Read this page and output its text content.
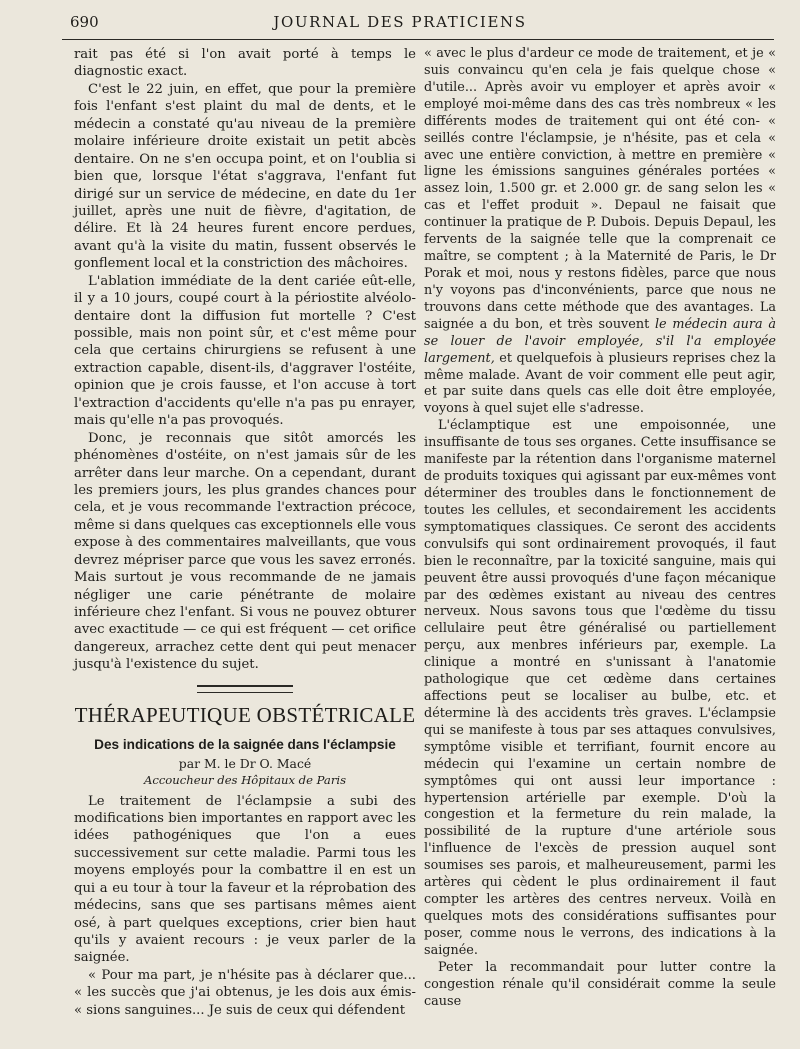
690	JOURNAL DES PRATICIENS

rait pas été si l'on avait porté à temps le diagnostic exact.

C'est le 22 juin, en effet, que pour la première fois l'enfant s'est plaint du mal de dents, et le médecin a constaté qu'au niveau de la première molaire inférieure droite existait un petit abcès dentaire. On ne s'en occupa point, et on l'oublia si bien que, lorsque l'état s'aggrava, l'enfant fut dirigé sur un service de médecine, en date du 1er juillet, après une nuit de fièvre, d'agitation, de délire. Et là 24 heures furent encore perdues, avant qu'à la visite du matin, fussent observés le gonflement local et la constriction des mâchoires.

L'ablation immédiate de la dent cariée eût-elle, il y a 10 jours, coupé court à la périostite alvéolo-dentaire dont la diffusion fut mortelle ? C'est possible, mais non point sûr, et c'est même pour cela que certains chirurgiens se refusent à une extraction capable, disent-ils, d'aggraver l'ostéite, opinion que je crois fausse, et l'on accuse à tort l'extraction d'accidents qu'elle n'a pas pu enrayer, mais qu'elle n'a pas provoqués.

Donc, je reconnais que sitôt amorcés les phénomènes d'ostéite, on n'est jamais sûr de les arrêter dans leur marche. On a cependant, durant les premiers jours, les plus grandes chances pour cela, et je vous recommande l'extraction précoce, même si dans quelques cas exceptionnels elle vous expose à des commentaires malveillants, que vous devrez mépriser parce que vous les savez erronés. Mais surtout je vous recommande de ne jamais négliger une carie pénétrante de molaire inférieure chez l'enfant. Si vous ne pouvez obturer avec exactitude — ce qui est fréquent — cet orifice dangereux, arrachez cette dent qui peut menacer jusqu'à l'existence du sujet.

THÉRAPEUTIQUE OBSTÉTRICALE
Des indications de la saignée dans l'éclampsie
par M. le Dr O. Macé
Accoucheur des Hôpitaux de Paris

Le traitement de l'éclampsie a subi des modifications bien importantes en rapport avec les idées pathogéniques que l'on a eues successivement sur cette maladie. Parmi tous les moyens employés pour la combattre il en est un qui a eu tour à tour la faveur et la réprobation des médecins, sans que ses partisans mêmes aient osé, à part quelques exceptions, crier bien haut qu'ils y avaient recours : je veux parler de la saignée.

« Pour ma part, je n'hésite pas à déclarer que... « les succès que j'ai obtenus, je les dois aux émis- « sions sanguines... Je suis de ceux qui défendent

« avec le plus d'ardeur ce mode de traitement, et je « suis convaincu qu'en cela je fais quelque chose « d'utile... Après avoir vu employer et après avoir « employé moi-même dans des cas très nombreux « les différents modes de traitement qui ont été con- « seillés contre l'éclampsie, je n'hésite, pas et cela « avec une entière conviction, à mettre en première « ligne les émissions sanguines générales portées « assez loin, 1.500 gr. et 2.000 gr. de sang selon les « cas et l'effet produit ». Depaul ne faisait que continuer la pratique de P. Dubois. Depuis Depaul, les fervents de la saignée telle que la comprenait ce maître, se comptent ; à la Maternité de Paris, le Dr Porak et moi, nous y restons fidèles, parce que nous n'y voyons pas d'inconvénients, parce que nous ne trouvons dans cette méthode que des avantages. La saignée a du bon, et très souvent le médecin aura à se louer de l'avoir employée, s'il l'a employée largement, et quelquefois à plusieurs reprises chez la même malade. Avant de voir comment elle peut agir, et par suite dans quels cas elle doit être employée, voyons à quel sujet elle s'adresse.

L'éclamptique est une empoisonnée, une insuffisante de tous ses organes. Cette insuffisance se manifeste par la rétention dans l'organisme maternel de produits toxiques qui agissant par eux-mêmes vont déterminer des troubles dans le fonctionnement de toutes les cellules, et secondairement les accidents symptomatiques classiques. Ce seront des accidents convulsifs qui sont ordinairement provoqués, il faut bien le reconnaître, par la toxicité sanguine, mais qui peuvent être aussi provoqués d'une façon mécanique par des œdèmes existant au niveau des centres nerveux. Nous savons tous que l'œdème du tissu cellulaire peut être généralisé ou partiellement perçu, aux menbres inférieurs par, exemple. La clinique a montré en s'unissant à l'anatomie pathologique que cet œdème dans certaines affections peut se localiser au bulbe, etc. et détermine là des accidents très graves. L'éclampsie qui se manifeste à tous par ses attaques convulsives, symptôme visible et terrifiant, fournit encore au médecin qui l'examine un certain nombre de symptômes qui ont aussi leur importance : hypertension artérielle par exemple. D'où la congestion et la fermeture du rein malade, la possibilité de la rupture d'une artériole sous l'influence de l'excès de pression auquel sont soumises ses parois, et malheureusement, parmi les artères qui cèdent le plus ordinairement il faut compter les artères des centres nerveux. Voilà en quelques mots des considérations suffisantes pour poser, comme nous le verrons, des indications à la saignée.

Peter la recommandait pour lutter contre la congestion rénale qu'il considérait comme la seule cause
